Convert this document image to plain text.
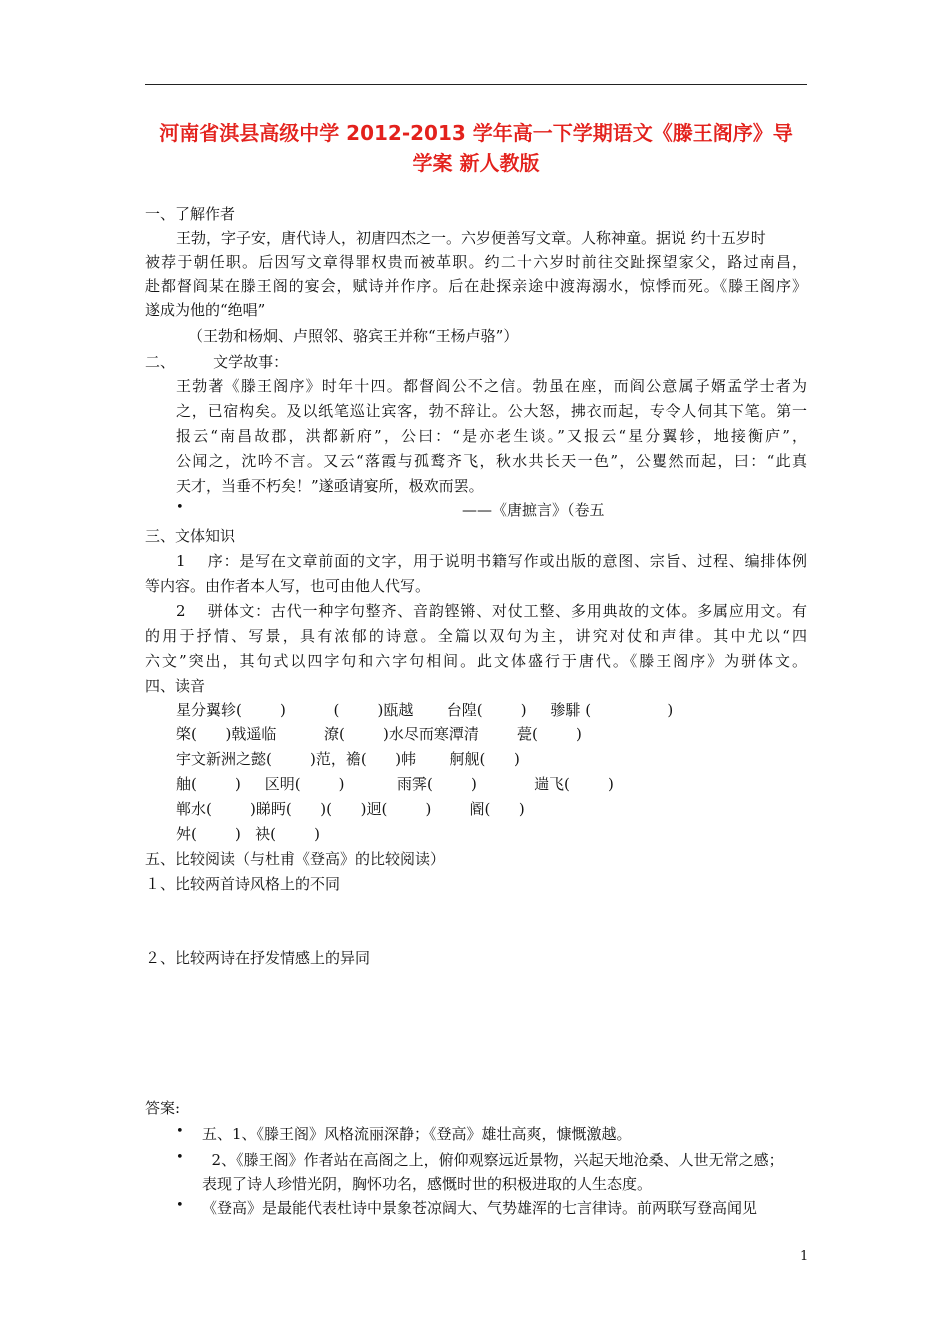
河南省淇县高级中学 2012-2013 学年高一下学期语文《滕王阁序》导
学案 新人教版
一、了解作者
王勃，字子安，唐代诗人，初唐四杰之一。六岁便善写文章。人称神童。据说 约十五岁时
被荐于朝任职。后因写文章得罪权贵而被革职。约二十六岁时前往交趾探望家父，路过南昌，
赴都督阎某在滕王阁的宴会，赋诗并作序。后在赴探亲途中渡海溺水，惊悸而死。《滕王阁序》
遂成为他的“绝唱”
（王勃和杨炯、卢照邻、骆宾王并称“王杨卢骆”）
二、        文学故事：
王勃著《滕王阁序》时年十四。都督阎公不之信。勃虽在座，而阎公意属子婿孟学士者为
之，已宿构矣。及以纸笔巡让宾客，勃不辞让。公大怒，拂衣而起，专令人伺其下笔。第一
报云“南昌故郡，洪都新府”，公曰：“是亦老生谈。”又报云“星分翼轸，地接衡庐”，
公闻之，沈吟不言。又云“落霞与孤鹜齐飞，秋水共长天一色”，公矍然而起，曰：“此真
天才，当垂不朽矣！”遂亟请宴所，极欢而罢。
•	——《唐摭言》（卷五
三、文体知识
1    序：是写在文章前面的文字，用于说明书籍写作或出版的意图、宗旨、过程、编排体例
等内容。由作者本人写，也可由他人代写。
2    骈体文：古代一种字句整齐、音韵铿锵、对仗工整、多用典故的文体。多属应用文。有
的用于抒情、写景，具有浓郁的诗意。全篇以双句为主，讲究对仗和声律。其中尤以“四
六文”突出，其句式以四字句和六字句相间。此文体盛行于唐代。《滕王阁序》为骈体文。
四、读音
星分翼轸(        )          (        )瓯越       台隍(        )     骖騑 (                )
棨(      )戟遥临          潦(        )水尽而寒潭清        甍(        )
宇文新洲之懿(        )范，襜(      )帏       舸舰(      )
舳(        )     区明(        )           雨霁(        )            遄飞(        )
郸水(        )睇眄(      )(      )迥(        )        阍(      )
舛(        )   袂(        )
五、比较阅读（与杜甫《登高》的比较阅读）
１、比较两首诗风格上的不同
２、比较两诗在抒发情感上的异同
答案:
• 五、1、《滕王阁》风格流丽深静；《登高》雄壮高爽，慷慨激越。
• 2、《滕王阁》作者站在高阁之上，俯仰观察远近景物，兴起天地沧桑、人世无常之感；
表现了诗人珍惜光阴，胸怀功名，感慨时世的积极进取的人生态度。
• 《登高》是最能代表杜诗中景象苍凉阔大、气势雄浑的七言律诗。前两联写登高闻见
1
